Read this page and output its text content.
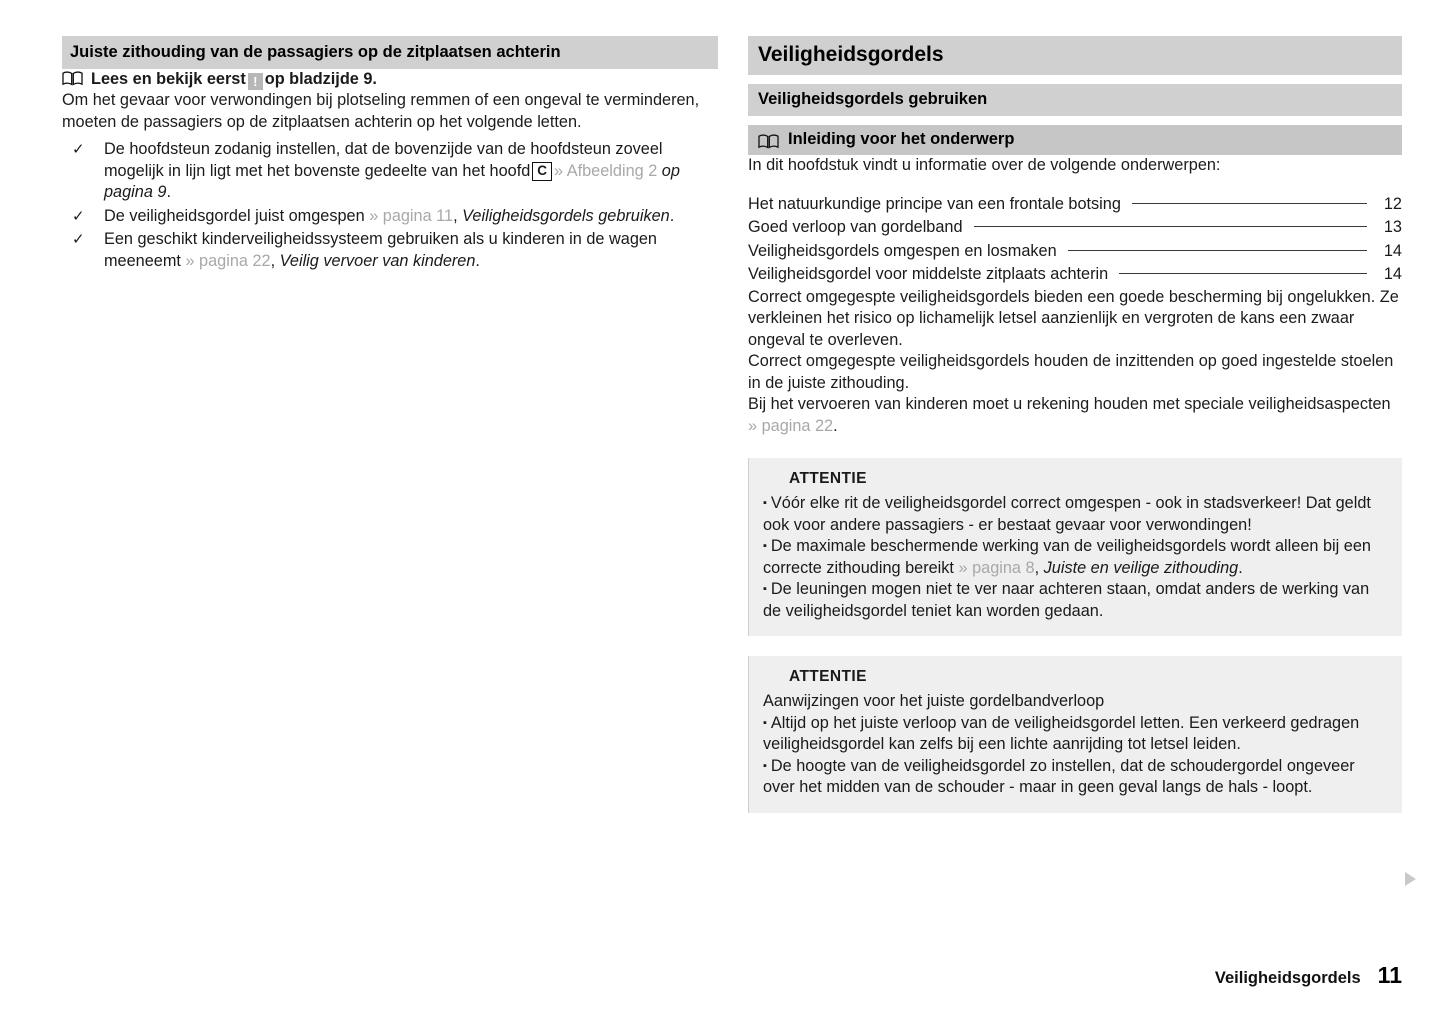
Juiste zithouding van de passagiers op de zitplaatsen achterin
Lees en bekijk eerst ! op bladzijde 9.

Om het gevaar voor verwondingen bij plotseling remmen of een ongeval te verminderen, moeten de passagiers op de zitplaatsen achterin op het volgende letten.

✓ De hoofdsteun zodanig instellen, dat de bovenzijde van de hoofdsteun zoveel mogelijk in lijn ligt met het bovenste gedeelte van het hoofd C » Afbeelding 2 op pagina 9.
✓ De veiligheidsgordel juist omgespen » pagina 11, Veiligheidsgordels gebruiken.
✓ Een geschikt kinderveiligheidssysteem gebruiken als u kinderen in de wagen meeneemt » pagina 22, Veilig vervoer van kinderen.
Veiligheidsgordels
Veiligheidsgordels gebruiken
Inleiding voor het onderwerp

In dit hoofdstuk vindt u informatie over de volgende onderwerpen:

Het natuurkundige principe van een frontale botsing	12
Goed verloop van gordelband	13
Veiligheidsgordels omgespen en losmaken	14
Veiligheidsgordel voor middelste zitplaats achterin	14

Correct omgegespte veiligheidsgordels bieden een goede bescherming bij ongelukken. Ze verkleinen het risico op lichamelijk letsel aanzienlijk en vergroten de kans een zwaar ongeval te overleven.

Correct omgegespte veiligheidsgordels houden de inzittenden op goed ingestelde stoelen in de juiste zithouding.

Bij het vervoeren van kinderen moet u rekening houden met speciale veiligheidsaspecten » pagina 22.

ATTENTIE

▪ Vóór elke rit de veiligheidsgordel correct omgespen - ook in stadsverkeer! Dat geldt ook voor andere passagiers - er bestaat gevaar voor verwondingen!

▪ De maximale beschermende werking van de veiligheidsgordels wordt alleen bij een correcte zithouding bereikt » pagina 8, Juiste en veilige zithouding.

▪ De leuningen mogen niet te ver naar achteren staan, omdat anders de werking van de veiligheidsgordel teniet kan worden gedaan.

ATTENTIE

Aanwijzingen voor het juiste gordelbandverloop

▪ Altijd op het juiste verloop van de veiligheidsgordel letten. Een verkeerd gedragen veiligheidsgordel kan zelfs bij een lichte aanrijding tot letsel leiden.

▪ De hoogte van de veiligheidsgordel zo instellen, dat de schoudergordel ongeveer over het midden van de schouder - maar in geen geval langs de hals - loopt.

Veiligheidsgordels 11
